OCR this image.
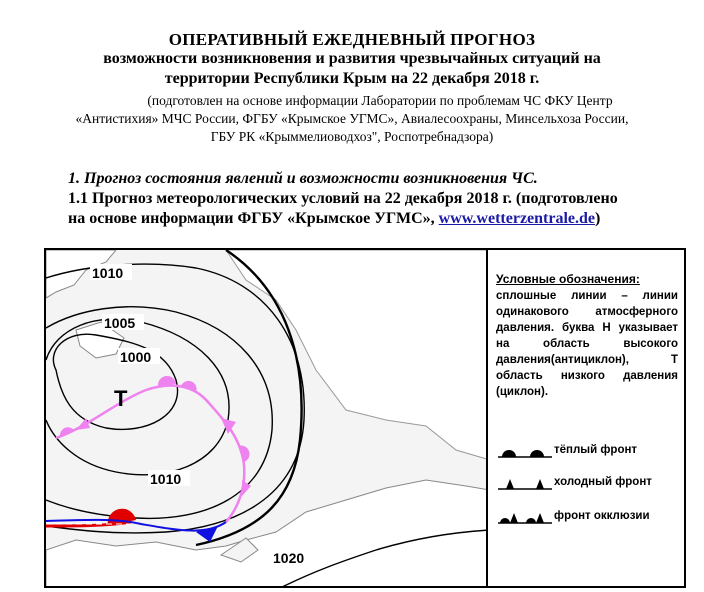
ОПЕРАТИВНЫЙ ЕЖЕДНЕВНЫЙ ПРОГНОЗ
возможности возникновения и развития чрезвычайных ситуаций на
территории Республики Крым на 22 декабря 2018 г.
(подготовлен на основе информации Лаборатории по проблемам ЧС ФКУ Центр
«Антистихия» МЧС России, ФГБУ «Крымское УГМС», Авиалесоохраны, Минсельхоза России,
ГБУ РК «Крыммелиоводхоз", Роспотребнадзора)
1. Прогноз состояния явлений и возможности возникновения ЧС.
1.1 Прогноз метеорологических условий на 22 декабря 2018 г. (подготовлено
на основе информации ФГБУ «Крымское УГМС», www.wetterzentrale.de)
1010
1005
1000
1010
1020
Т
Условные обозначения:
сплошные линии – линии одинакового атмосферного давления. буква Н указывает на область высокого давления(антициклон), Т область низкого давления (циклон).
тёплый фронт
холодный фронт
фронт окклюзии
